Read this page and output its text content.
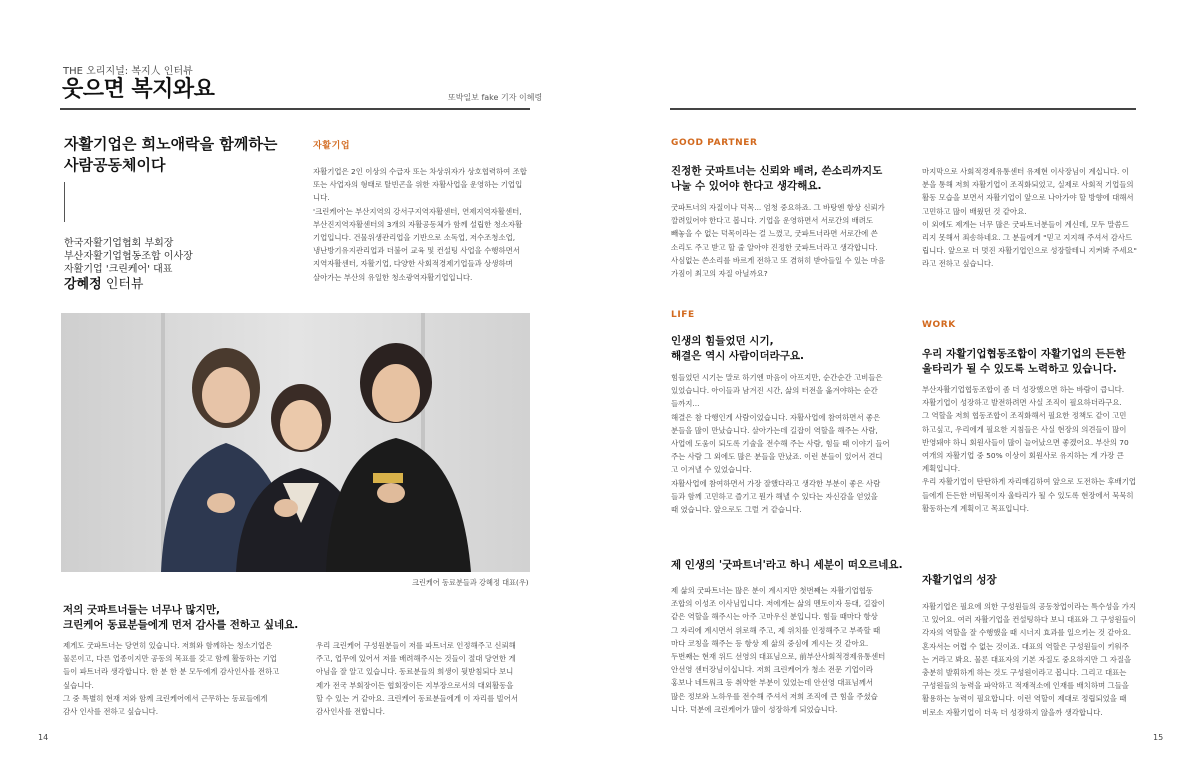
THE 오리지널: 복지人 인터뷰
웃으면 복지와요	또박일보 fake 기자 이혜령
자활기업은 희노애락을 함께하는
사람공동체이다
한국자활기업협회 부회장
부산자활기업협동조합 이사장
자활기업 '크린케어' 대표
강혜정 인터뷰
자활기업
자활기업은 2인 이상의 수급자 또는 차상위자가 상호협력하여 조합
또는 사업자의 형태로 탈빈곤을 위한 자활사업을 운영하는 기업입
니다.
'크린케어'는 부산지역의 강서구지역자활센터, 연제지역자활센터,
부산진지역자활센터의 3개의 자활공동체가 함께 설립한 청소자활
기업입니다. 건물위생관리업을 기반으로 소독업, 저수조청소업,
냉난방기유지관리업과 더불어 교육 및 컨설팅 사업을 수행하면서
지역자활센터, 자활기업, 다양한 사회적경제기업들과 상생하며
살아가는 부산의 유일한 청소광역자활기업입니다.
크린케어 동료분들과 강혜정 대표(우)
저의 굿파트너들는 너무나 많지만,
크린케어 동료분들에게 먼저 감사를 전하고 싶네요.
제게도 굿파트너는 당연히 있습니다. 저희와 함께하는 청소기업은
물론이고, 다른 업종이지만 공동의 목표를 갖고 함께 활동하는 기업
들이 파트너라 생각합니다. 한 분 한 분 모두에게 감사인사를 전하고
싶습니다.
그 중 특별히 현재 저와 함께 크린케어에서 근무하는 동료들에게
감사 인사를 전하고 싶습니다.
우리 크린케어 구성원분들이 저를 파트너로 인정해주고 신뢰해
주고, 업무에 있어서 저를 배려해주시는 것들이 절대 당연한 게
아님을 잘 알고 있습니다. 동료분들의 희생이 뒷받침되다 보니
제가 전국 부회장이든 협회장이든 지부장으로서의 대외활동을
할 수 있는 거 같아요. 크린케어 동료분들에게 이 자리를 빌어서
감사인사를 전합니다.
14
GOOD PARTNER
진정한 굿파트너는 신뢰와 배려, 쓴소리까지도
나눌 수 있어야 한다고 생각해요.
굿파트너의 자질이나 덕목... 엄청 중요하죠. 그 바탕엔 항상 신뢰가
깔려있어야 한다고 봅니다. 기업을 운영하면서 서로간의 배려도
빼놓을 수 없는 덕목이라는 걸 느꼈고, 굿파트너라면 서로간에 쓴
소리도 주고 받고 할 줄 알아야 진정한 굿파트너라고 생각합니다.
사심없는 쓴소리를 바르게 전하고 또 겸허히 받아들일 수 있는 마음
가짐이 최고의 자질 아닐까요?
마지막으로 사회적경제유통센터 유제현 이사장님이 계십니다. 이
분을 통해 저희 자활기업이 조직화되었고, 실제로 사회적 기업들의
활동 모습을 보면서 자활기업이 앞으로 나아가야 할 방향에 대해서
고민하고 많이 배웠던 것 같아요.
이 외에도 제게는 너무 많은 굿파트너분들이 계신데, 모두 말씀드
리지 못해서 죄송하네요. 그 분들에게 "믿고 지지해 주셔서 감사드
립니다. 앞으로 더 멋진 자활기업인으로 성장할테니 지켜봐 주세요"
라고 전하고 싶습니다.
LIFE
인생의 힘들었던 시기,
해결은 역시 사람이더라구요.
힘들었던 시기는 말로 하기엔 마음이 아프지만, 순간순간 고비들은
있었습니다. 아이들과 남겨진 시간, 삶의 터전을 옮겨야하는 순간
들까지...
해결은 참 다행인게 사람이었습니다. 자활사업에 참여하면서 좋은
분들을 많이 만났습니다. 살아가는데 길잡이 역할을 해주는 사람,
사업에 도움이 되도록 기술을 전수해 주는 사람, 힘들 때 이야기 들어
주는 사람 그 외에도 많은 분들을 만났죠. 이런 분들이 있어서 견디
고 이겨낼 수 있었습니다.
자활사업에 참여하면서 가장 잘했다라고 생각한 부분이 좋은 사람
들과 함께 고민하고 즐기고 뭔가 해낼 수 있다는 자신감을 얻었을
때 였습니다. 앞으로도 그럴 거 같습니다.
WORK
우리 자활기업협동조합이 자활기업의 든든한
울타리가 될 수 있도록 노력하고 있습니다.
부산자활기업협동조합이 좀 더 성장했으면 하는 바람이 큽니다.
자활기업이 성장하고 발전하려면 사실 조직이 필요하더라구요.
그 역할을 저희 협동조합이 조직화해서 필요한 정책도 같이 고민
하고싶고, 우리에게 필요한 지침들은 사실 현장의 의견들이 많이
반영돼야 하니 회원사들이 많이 늘어났으면 좋겠어요. 부산의 70
여개의 자활기업 중 50% 이상이 회원사로 유지하는 게 가장 큰
계획입니다.
우리 자활기업이 탄탄하게 자리매김하여 앞으로 도전하는 후배기업
들에게 든든한 버팀목이자 울타리가 될 수 있도록 현장에서 묵묵히
활동하는게 계획이고 목표입니다.
제 인생의 '굿파트너'라고 하니 세분이 떠오르네요.
제 삶의 굿파트너는 많은 분이 계시지만 첫번째는 자활기업협동
조합의 이성조 이사님입니다. 저에게는 삶의 멘토이자 등대, 길잡이
같은 역할을 해주시는 아주 고마우신 분입니다. 힘들 때마다 항상
그 자리에 계시면서 위로해 주고, 제 위치를 인정해주고 부족할 때
마다 코칭을 해주는 등 항상 제 삶의 중심에 계시는 것 같아요.
두번째는 현재 위드 선영의 대표님으로, 前부산사회적경제유통센터
안선영 센터장님이십니다. 저희 크린케어가 청소 전문 기업이라
홍보나 네트워크 등 취약한 부분이 있었는데 안선영 대표님께서
많은 정보와 노하우를 전수해 주셔서 저희 조직에 큰 힘을 주셨습
니다. 덕분에 크린케어가 많이 성장하게 되었습니다.
자활기업의 성장
자활기업은 필요에 의한 구성원들의 공동창업이라는 특수성을 가지
고 있어요. 여러 자활기업을 컨설팅하다 보니 대표와 그 구성원들이
각자의 역할을 잘 수행했을 때 시너지 효과를 일으키는 것 같아요.
혼자서는 어렵 수 없는 것이죠. 대표의 역할은 구성원들이 키워주
는 거라고 봐요. 물론 대표자의 기본 자질도 중요하지만 그 자질을
충분히 발휘하게 하는 것도 구성원이라고 봅니다. 그리고 대표는
구성원들의 능력을 파악하고 적재적소에 인재를 배치하며 그들을
활용하는 능력이 필요합니다. 이런 역할이 제대로 정립되었을 때
비로소 자활기업이 더욱 더 성장하지 않을까 생각합니다.
15
